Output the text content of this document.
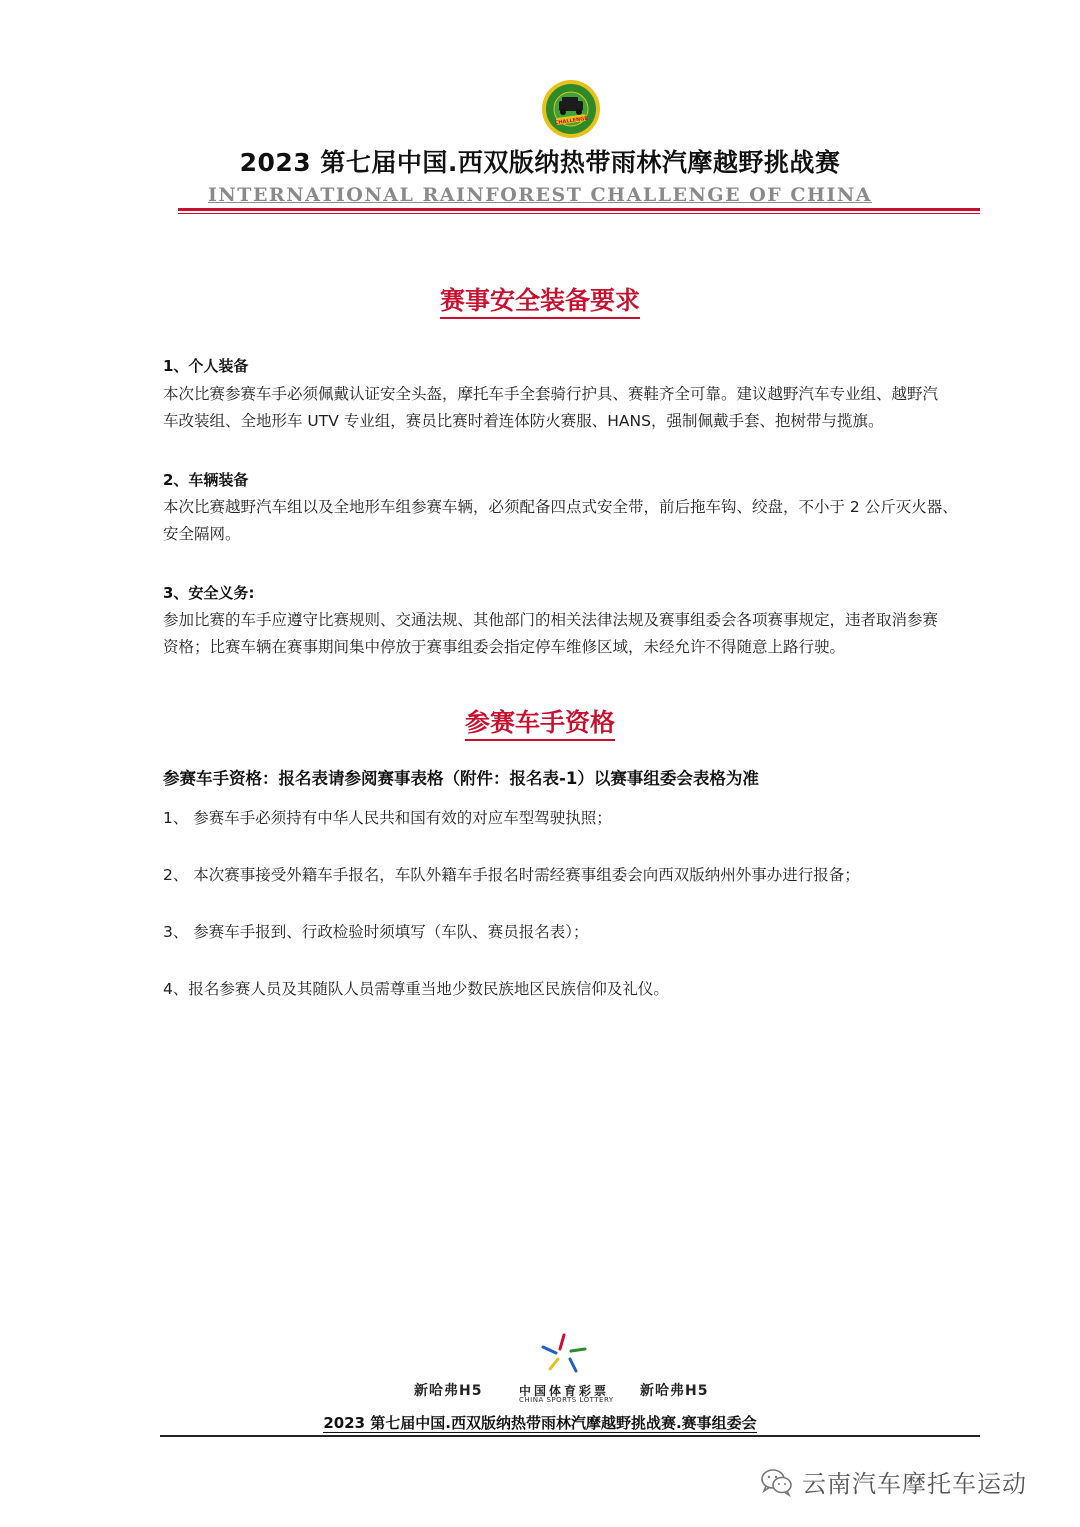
CHALLENGE
2023 第七届中国.西双版纳热带雨林汽摩越野挑战赛
INTERNATIONAL RAINFOREST CHALLENGE OF CHINA
赛事安全装备要求
1、个人装备
本次比赛参赛车手必须佩戴认证安全头盔，摩托车手全套骑行护具、赛鞋齐全可靠。建议越野汽车专业组、越野汽
车改装组、全地形车 UTV 专业组，赛员比赛时着连体防火赛服、HANS，强制佩戴手套、抱树带与揽旗。
2、车辆装备
本次比赛越野汽车组以及全地形车组参赛车辆，必须配备四点式安全带，前后拖车钩、绞盘，不小于 2 公斤灭火器、
安全隔网。
3、安全义务:
参加比赛的车手应遵守比赛规则、交通法规、其他部门的相关法律法规及赛事组委会各项赛事规定，违者取消参赛
资格；比赛车辆在赛事期间集中停放于赛事组委会指定停车维修区域，未经允许不得随意上路行驶。
参赛车手资格
参赛车手资格：报名表请参阅赛事表格（附件：报名表-1）以赛事组委会表格为准
1、 参赛车手必须持有中华人民共和国有效的对应车型驾驶执照；
2、 本次赛事接受外籍车手报名，车队外籍车手报名时需经赛事组委会向西双版纳州外事办进行报备；
3、 参赛车手报到、行政检验时须填写（车队、赛员报名表）；
4、报名参赛人员及其随队人员需尊重当地少数民族地区民族信仰及礼仪。
新哈弗H5	中国体育彩票
CHINA SPORTS LOTTERY
新哈弗H5
2023 第七届中国.西双版纳热带雨林汽摩越野挑战赛.赛事组委会
云南汽车摩托车运动
